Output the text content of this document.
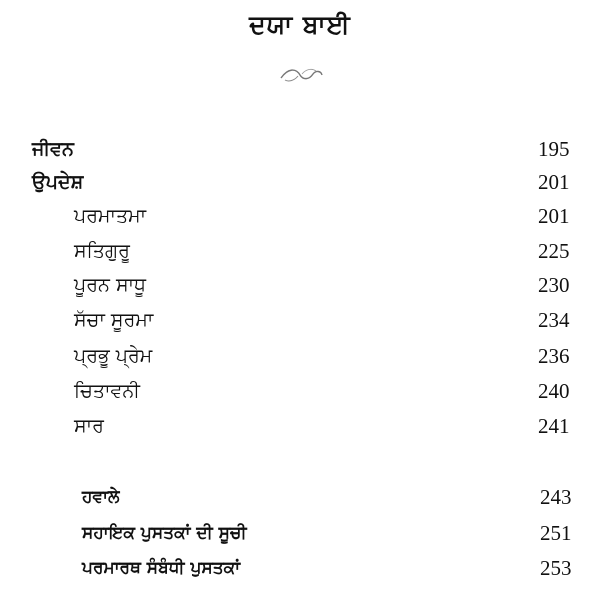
ਦਯਾ ਬਾਈ
ਜੀਵਨ	195
ਉਪਦੇਸ਼	201
ਪਰਮਾਤਮਾ	201
ਸਤਿਗੁਰੂ	225
ਪੂਰਨ ਸਾਧੂ	230
ਸੱਚਾ ਸੂਰਮਾ	234
ਪ੍ਰਭੂ ਪ੍ਰੇਮ	236
ਚਿਤਾਵਨੀ	240
ਸਾਰ	241
ਹਵਾਲੇ	243
ਸਹਾਇਕ ਪੁਸਤਕਾਂ ਦੀ ਸੂਚੀ	251
ਪਰਮਾਰਥ ਸੰਬੰਧੀ ਪੁਸਤਕਾਂ	253
